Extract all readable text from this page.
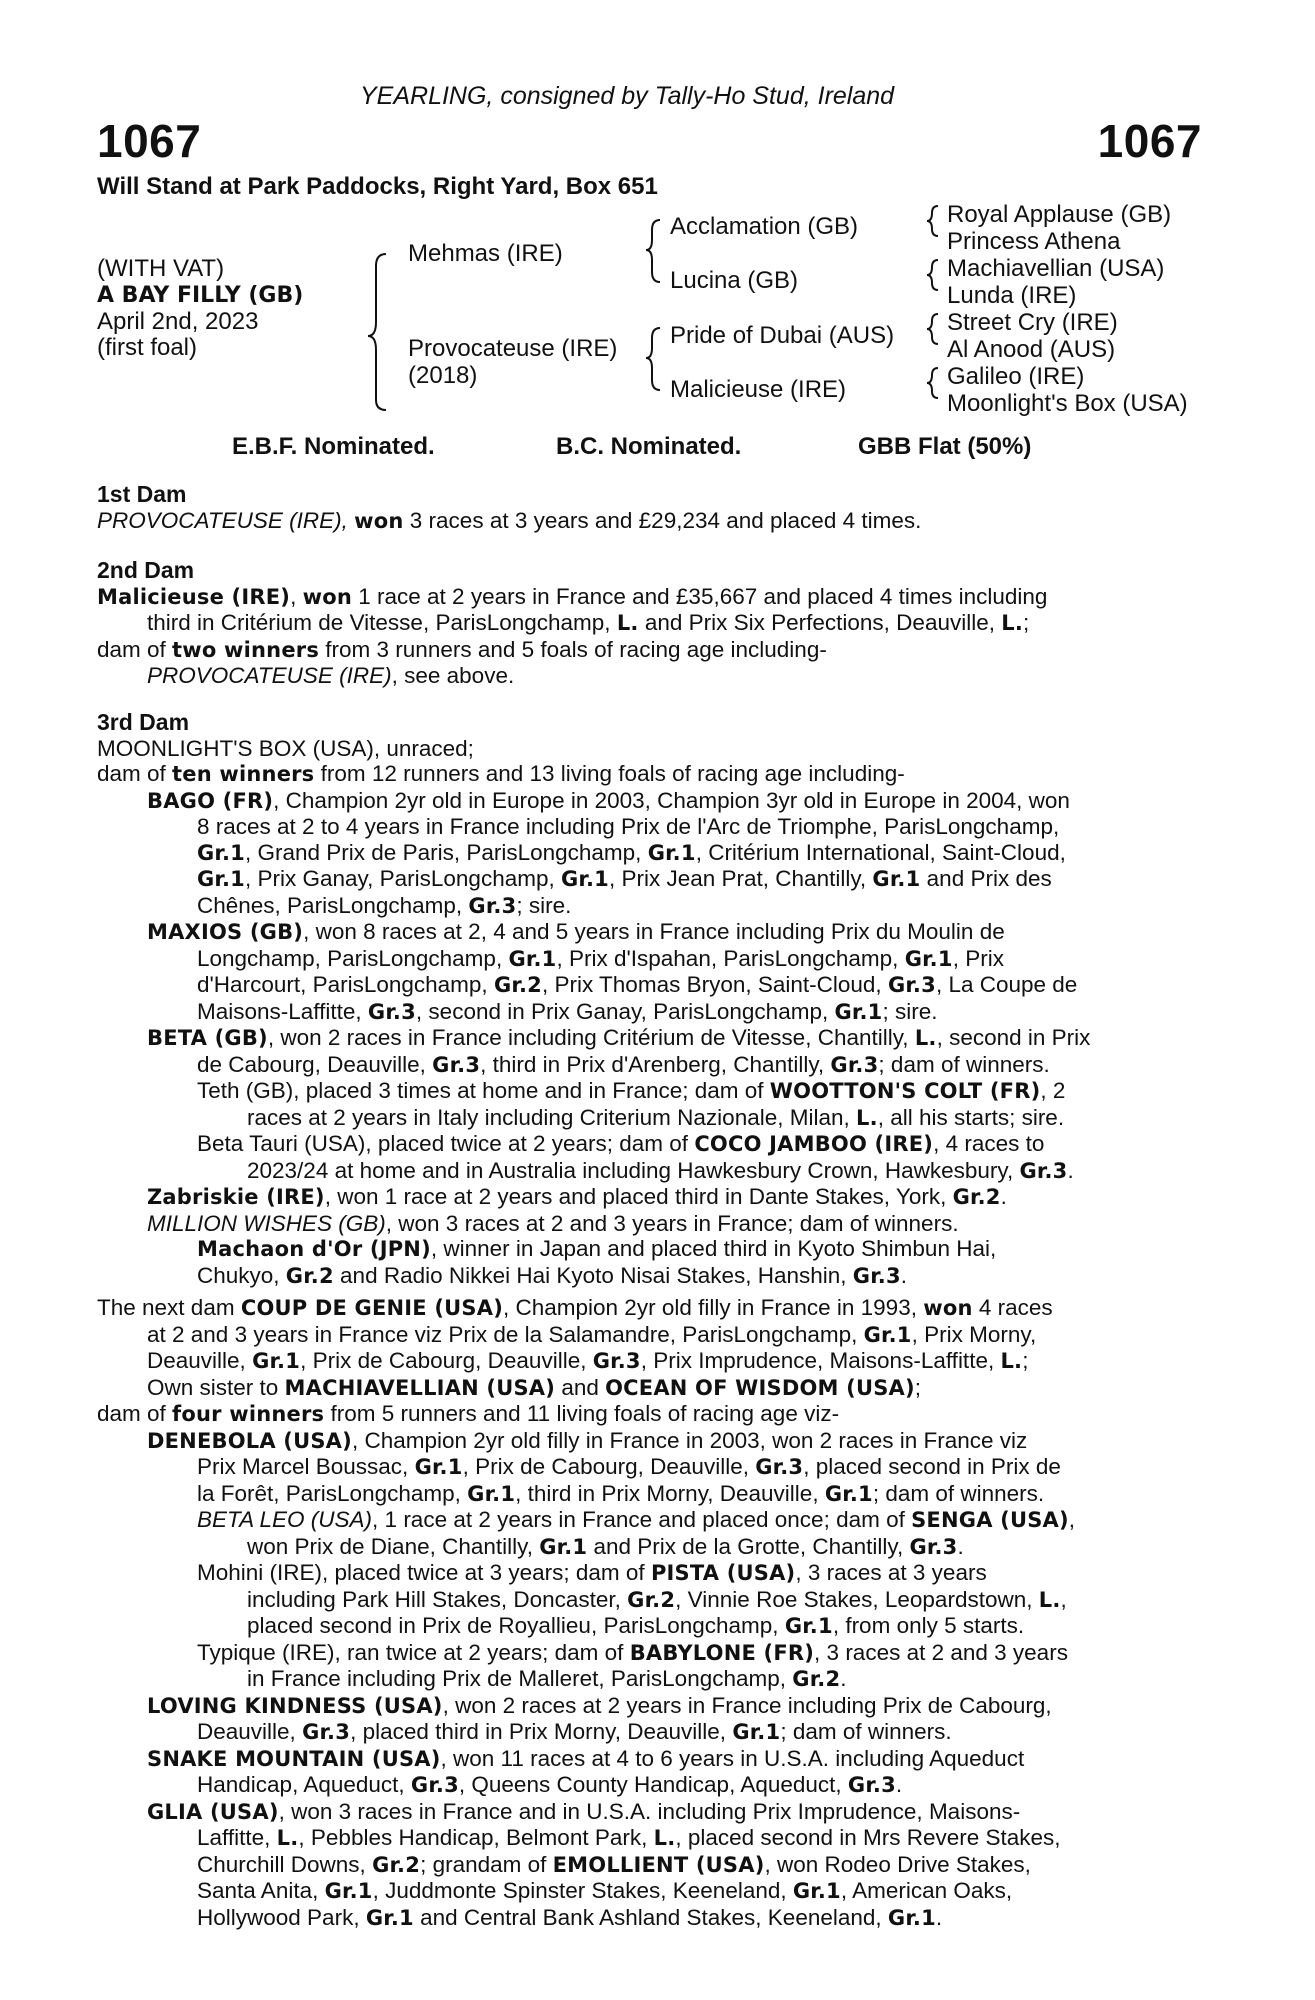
YEARLING, consigned by Tally-Ho Stud, Ireland
1067	1067
Will Stand at Park Paddocks, Right Yard, Box 651
(WITH VAT)
A BAY FILLY (GB)
April 2nd, 2023
(first foal)
Mehmas (IRE)
Provocateuse (IRE)
(2018)
Acclamation (GB)
Lucina (GB)
Pride of Dubai (AUS)
Malicieuse (IRE)
Royal Applause (GB)
Princess Athena
Machiavellian (USA)
Lunda (IRE)
Street Cry (IRE)
Al Anood (AUS)
Galileo (IRE)
Moonlight's Box (USA)
E.B.F. Nominated.	B.C. Nominated.	GBB Flat (50%)
1st Dam
PROVOCATEUSE (IRE), won 3 races at 3 years and £29,234 and placed 4 times.
2nd Dam
Malicieuse (IRE), won 1 race at 2 years in France and £35,667 and placed 4 times including
third in Critérium de Vitesse, ParisLongchamp, L. and Prix Six Perfections, Deauville, L.;
dam of two winners from 3 runners and 5 foals of racing age including-
PROVOCATEUSE (IRE), see above.
3rd Dam
MOONLIGHT'S BOX (USA), unraced;
dam of ten winners from 12 runners and 13 living foals of racing age including-
BAGO (FR), Champion 2yr old in Europe in 2003, Champion 3yr old in Europe in 2004, won
8 races at 2 to 4 years in France including Prix de l'Arc de Triomphe, ParisLongchamp,
Gr.1, Grand Prix de Paris, ParisLongchamp, Gr.1, Critérium International, Saint-Cloud,
Gr.1, Prix Ganay, ParisLongchamp, Gr.1, Prix Jean Prat, Chantilly, Gr.1 and Prix des
Chênes, ParisLongchamp, Gr.3; sire.
MAXIOS (GB), won 8 races at 2, 4 and 5 years in France including Prix du Moulin de
Longchamp, ParisLongchamp, Gr.1, Prix d'Ispahan, ParisLongchamp, Gr.1, Prix
d'Harcourt, ParisLongchamp, Gr.2, Prix Thomas Bryon, Saint-Cloud, Gr.3, La Coupe de
Maisons-Laffitte, Gr.3, second in Prix Ganay, ParisLongchamp, Gr.1; sire.
BETA (GB), won 2 races in France including Critérium de Vitesse, Chantilly, L., second in Prix
de Cabourg, Deauville, Gr.3, third in Prix d'Arenberg, Chantilly, Gr.3; dam of winners.
Teth (GB), placed 3 times at home and in France; dam of WOOTTON'S COLT (FR), 2
races at 2 years in Italy including Criterium Nazionale, Milan, L., all his starts; sire.
Beta Tauri (USA), placed twice at 2 years; dam of COCO JAMBOO (IRE), 4 races to
2023/24 at home and in Australia including Hawkesbury Crown, Hawkesbury, Gr.3.
Zabriskie (IRE), won 1 race at 2 years and placed third in Dante Stakes, York, Gr.2.
MILLION WISHES (GB), won 3 races at 2 and 3 years in France; dam of winners.
Machaon d'Or (JPN), winner in Japan and placed third in Kyoto Shimbun Hai,
Chukyo, Gr.2 and Radio Nikkei Hai Kyoto Nisai Stakes, Hanshin, Gr.3.
The next dam COUP DE GENIE (USA), Champion 2yr old filly in France in 1993, won 4 races
at 2 and 3 years in France viz Prix de la Salamandre, ParisLongchamp, Gr.1, Prix Morny,
Deauville, Gr.1, Prix de Cabourg, Deauville, Gr.3, Prix Imprudence, Maisons-Laffitte, L.;
Own sister to MACHIAVELLIAN (USA) and OCEAN OF WISDOM (USA);
dam of four winners from 5 runners and 11 living foals of racing age viz-
DENEBOLA (USA), Champion 2yr old filly in France in 2003, won 2 races in France viz
Prix Marcel Boussac, Gr.1, Prix de Cabourg, Deauville, Gr.3, placed second in Prix de
la Forêt, ParisLongchamp, Gr.1, third in Prix Morny, Deauville, Gr.1; dam of winners.
BETA LEO (USA), 1 race at 2 years in France and placed once; dam of SENGA (USA),
won Prix de Diane, Chantilly, Gr.1 and Prix de la Grotte, Chantilly, Gr.3.
Mohini (IRE), placed twice at 3 years; dam of PISTA (USA), 3 races at 3 years
including Park Hill Stakes, Doncaster, Gr.2, Vinnie Roe Stakes, Leopardstown, L.,
placed second in Prix de Royallieu, ParisLongchamp, Gr.1, from only 5 starts.
Typique (IRE), ran twice at 2 years; dam of BABYLONE (FR), 3 races at 2 and 3 years
in France including Prix de Malleret, ParisLongchamp, Gr.2.
LOVING KINDNESS (USA), won 2 races at 2 years in France including Prix de Cabourg,
Deauville, Gr.3, placed third in Prix Morny, Deauville, Gr.1; dam of winners.
SNAKE MOUNTAIN (USA), won 11 races at 4 to 6 years in U.S.A. including Aqueduct
Handicap, Aqueduct, Gr.3, Queens County Handicap, Aqueduct, Gr.3.
GLIA (USA), won 3 races in France and in U.S.A. including Prix Imprudence, Maisons-
Laffitte, L., Pebbles Handicap, Belmont Park, L., placed second in Mrs Revere Stakes,
Churchill Downs, Gr.2; grandam of EMOLLIENT (USA), won Rodeo Drive Stakes,
Santa Anita, Gr.1, Juddmonte Spinster Stakes, Keeneland, Gr.1, American Oaks,
Hollywood Park, Gr.1 and Central Bank Ashland Stakes, Keeneland, Gr.1.
